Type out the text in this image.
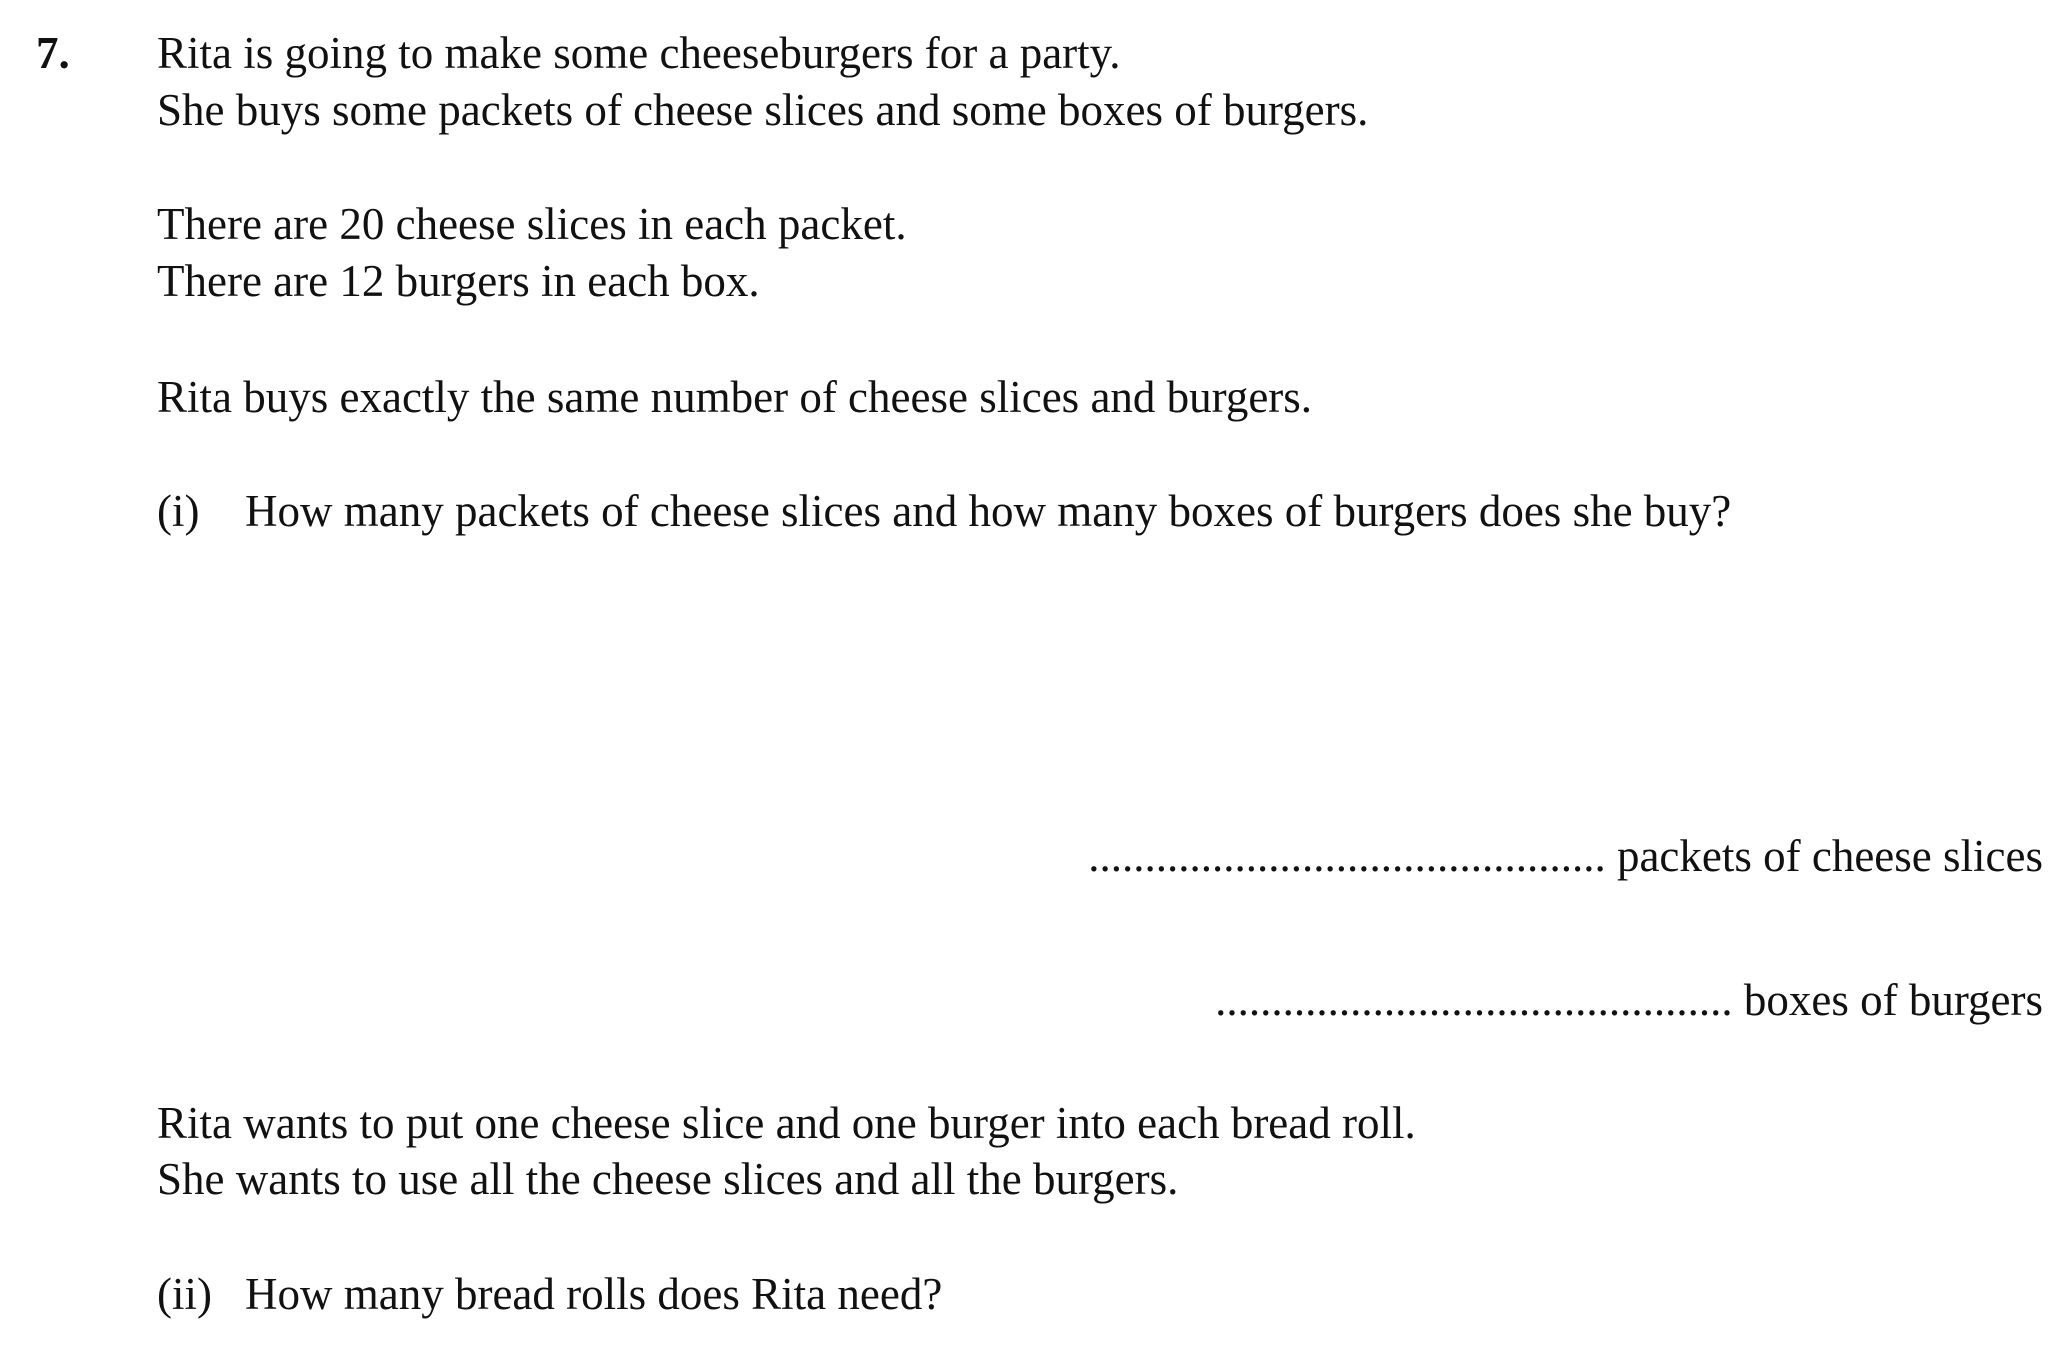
7. Rita is going to make some cheeseburgers for a party.
She buys some packets of cheese slices and some boxes of burgers.
There are 20 cheese slices in each packet.
There are 12 burgers in each box.
Rita buys exactly the same number of cheese slices and burgers.
(i) How many packets of cheese slices and how many boxes of burgers does she buy?
.............................................. packets of cheese slices
.............................................. boxes of burgers
Rita wants to put one cheese slice and one burger into each bread roll.
She wants to use all the cheese slices and all the burgers.
(ii) How many bread rolls does Rita need?
